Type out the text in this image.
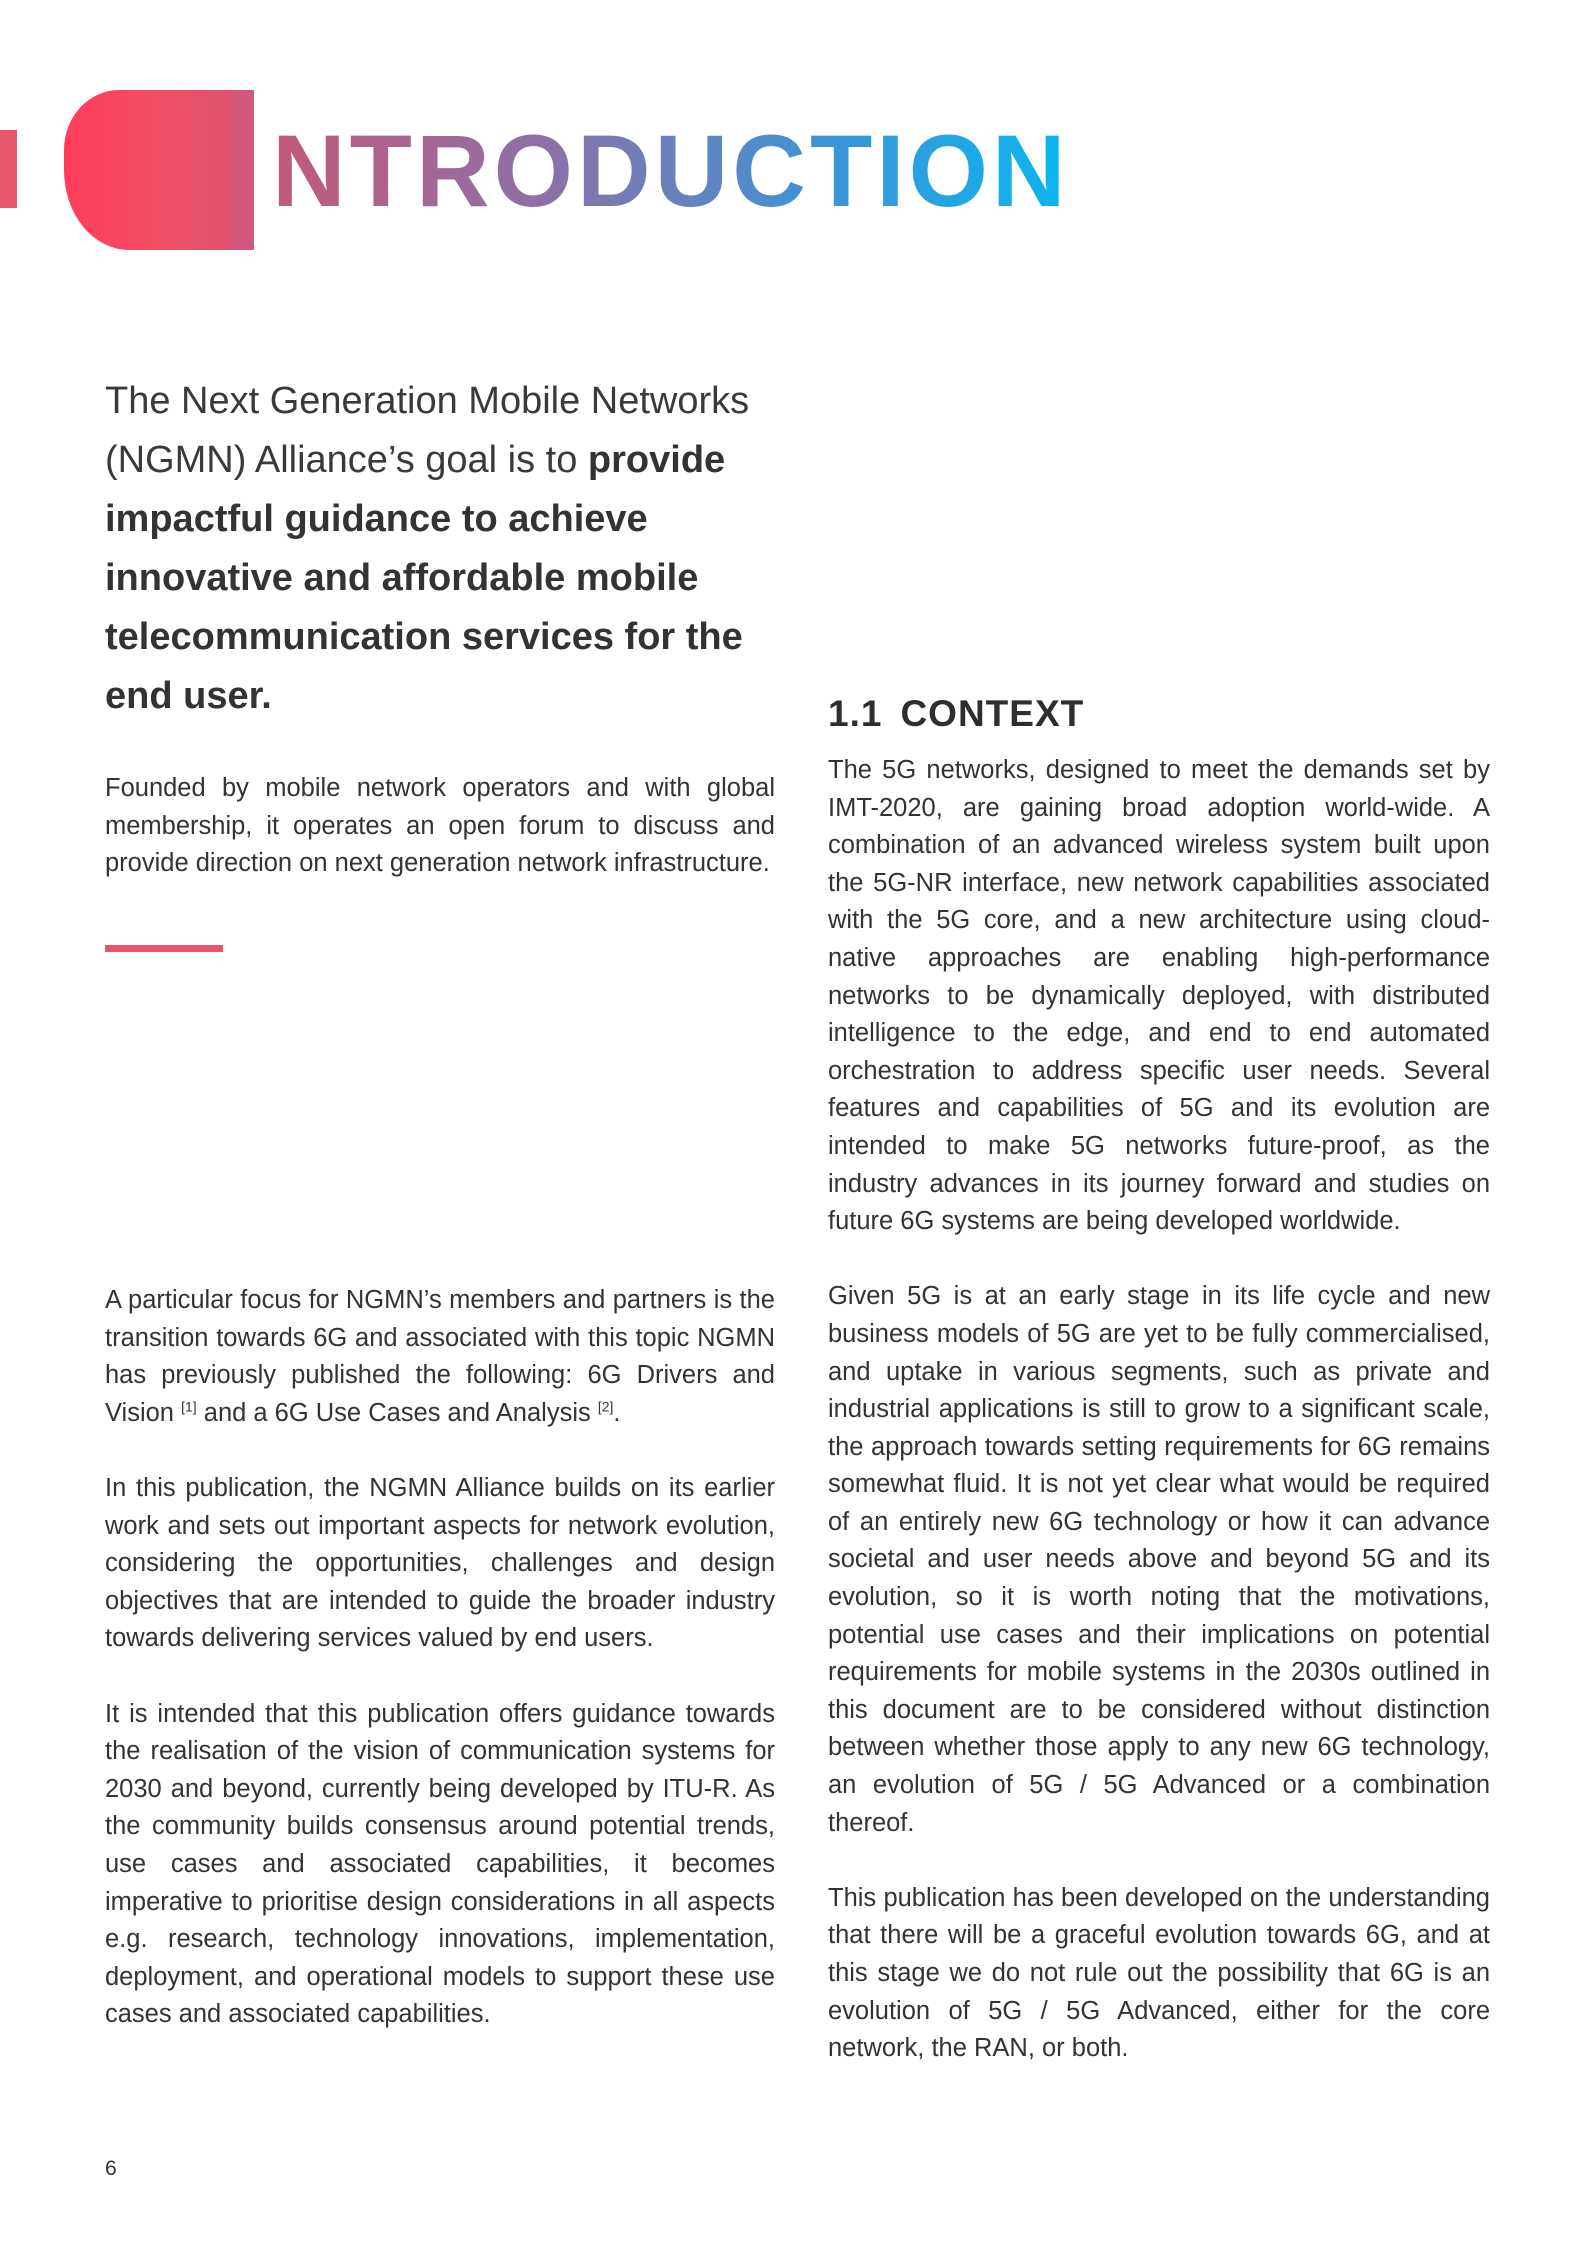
NTRODUCTION

The Next Generation Mobile Networks (NGMN) Alliance’s goal is to provide impactful guidance to achieve innovative and affordable mobile telecommunication services for the end user.

Founded by mobile network operators and with global membership, it operates an open forum to discuss and provide direction on next generation network infrastructure.

A particular focus for NGMN’s members and partners is the transition towards 6G and associated with this topic NGMN has previously published the following: 6G Drivers and Vision [1] and a 6G Use Cases and Analysis [2].

In this publication, the NGMN Alliance builds on its earlier work and sets out important aspects for network evolution, considering the opportunities, challenges and design objectives that are intended to guide the broader industry towards delivering services valued by end users.

It is intended that this publication offers guidance towards the realisation of the vision of communication systems for 2030 and beyond, currently being developed by ITU-R. As the community builds consensus around potential trends, use cases and associated capabilities, it becomes imperative to prioritise design considerations in all aspects e.g. research, technology innovations, implementation, deployment, and operational models to support these use cases and associated capabilities.

1.1 CONTEXT

The 5G networks, designed to meet the demands set by IMT-2020, are gaining broad adoption world-wide. A combination of an advanced wireless system built upon the 5G-NR interface, new network capabilities associated with the 5G core, and a new architecture using cloud-native approaches are enabling high-performance networks to be dynamically deployed, with distributed intelligence to the edge, and end to end automated orchestration to address specific user needs. Several features and capabilities of 5G and its evolution are intended to make 5G networks future-proof, as the industry advances in its journey forward and studies on future 6G systems are being developed worldwide.

Given 5G is at an early stage in its life cycle and new business models of 5G are yet to be fully commercialised, and uptake in various segments, such as private and industrial applications is still to grow to a significant scale, the approach towards setting requirements for 6G remains somewhat fluid. It is not yet clear what would be required of an entirely new 6G technology or how it can advance societal and user needs above and beyond 5G and its evolution, so it is worth noting that the motivations, potential use cases and their implications on potential requirements for mobile systems in the 2030s outlined in this document are to be considered without distinction between whether those apply to any new 6G technology, an evolution of 5G / 5G Advanced or a combination thereof.

This publication has been developed on the understanding that there will be a graceful evolution towards 6G, and at this stage we do not rule out the possibility that 6G is an evolution of 5G / 5G Advanced, either for the core network, the RAN, or both.

6
